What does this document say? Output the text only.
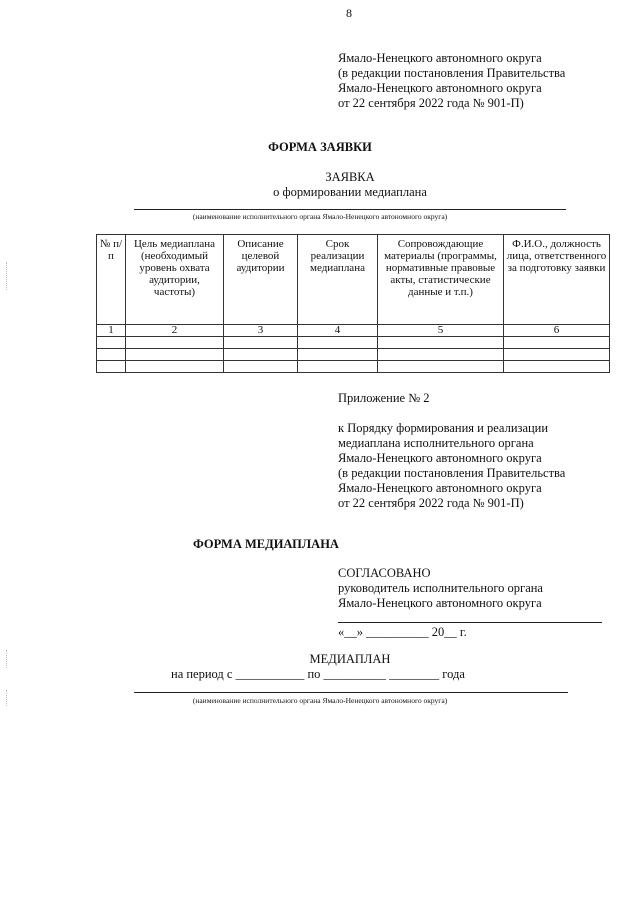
8
Ямало-Ненецкого автономного округа
(в редакции постановления Правительства
Ямало-Ненецкого автономного округа
от 22 сентября 2022 года № 901-П)
ФОРМА ЗАЯВКИ
ЗАЯВКА
о формировании медиаплана
(наименование исполнительного органа Ямало-Ненецкого автономного округа)
№ п/п	Цель медиаплана (необходимый уровень охвата аудитории, частоты)	Описание целевой аудитории	Срок реализации медиаплана	Сопровождающие материалы (программы, нормативные правовые акты, статистические данные и т.п.)	Ф.И.О., должность лица, ответственного за подготовку заявки
1	2	3	4	5	6

Приложение № 2
к Порядку формирования и реализации
медиаплана исполнительного органа
Ямало-Ненецкого автономного округа
(в редакции постановления Правительства
Ямало-Ненецкого автономного округа
от 22 сентября 2022 года № 901-П)
ФОРМА МЕДИАПЛАНА
СОГЛАСОВАНО
руководитель исполнительного органа
Ямало-Ненецкого автономного округа
«__» __________ 20__ г.
МЕДИАПЛАН
на период с ___________ по __________ ________ года
(наименование исполнительного органа Ямало-Ненецкого автономного округа)
